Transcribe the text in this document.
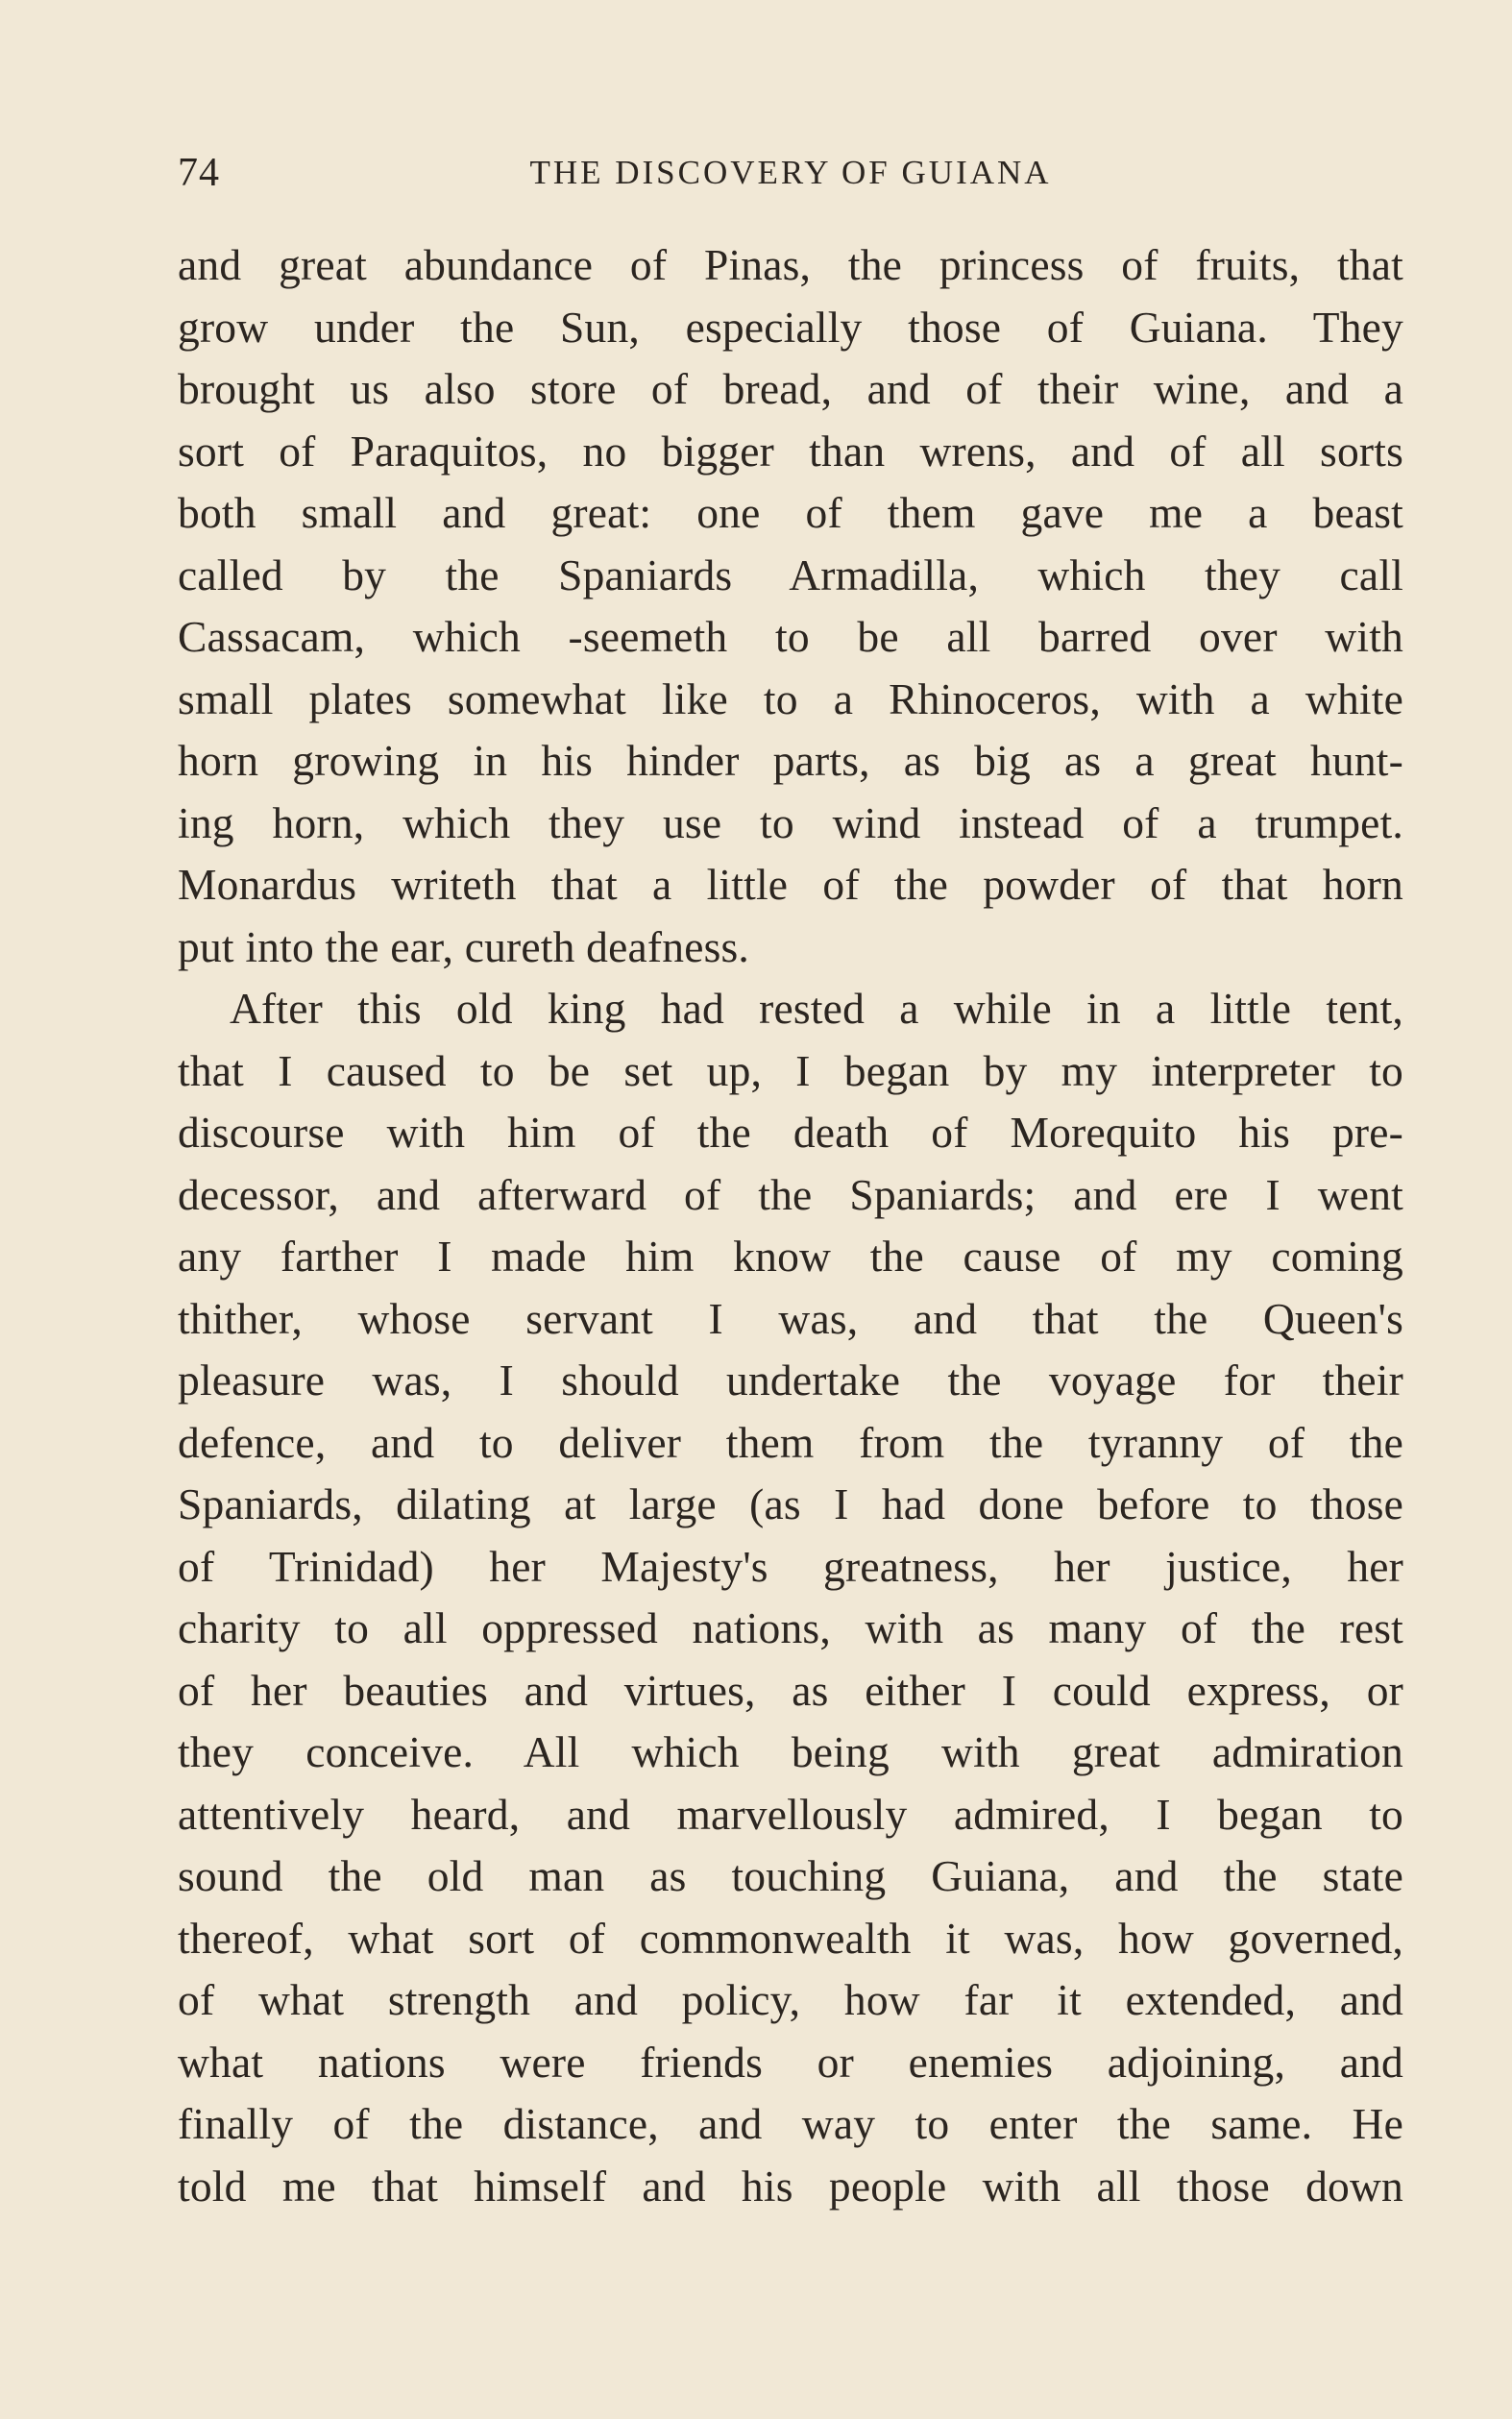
74	THE DISCOVERY OF GUIANA
and great abundance of Pinas, the princess of fruits, that
grow under the Sun, especially those of Guiana. They
brought us also store of bread, and of their wine, and a
sort of Paraquitos, no bigger than wrens, and of all sorts
both small and great: one of them gave me a beast
called by the Spaniards Armadilla, which they call
Cassacam, which -seemeth to be all barred over with
small plates somewhat like to a Rhinoceros, with a white
horn growing in his hinder parts, as big as a great hunt-
ing horn, which they use to wind instead of a trumpet.
Monardus writeth that a little of the powder of that horn
put into the ear, cureth deafness.
After this old king had rested a while in a little tent,
that I caused to be set up, I began by my interpreter to
discourse with him of the death of Morequito his pre-
decessor, and afterward of the Spaniards; and ere I went
any farther I made him know the cause of my coming
thither, whose servant I was, and that the Queen's
pleasure was, I should undertake the voyage for their
defence, and to deliver them from the tyranny of the
Spaniards, dilating at large (as I had done before to those
of Trinidad) her Majesty's greatness, her justice, her
charity to all oppressed nations, with as many of the rest
of her beauties and virtues, as either I could express, or
they conceive. All which being with great admiration
attentively heard, and marvellously admired, I began to
sound the old man as touching Guiana, and the state
thereof, what sort of commonwealth it was, how governed,
of what strength and policy, how far it extended, and
what nations were friends or enemies adjoining, and
finally of the distance, and way to enter the same. He
told me that himself and his people with all those down
